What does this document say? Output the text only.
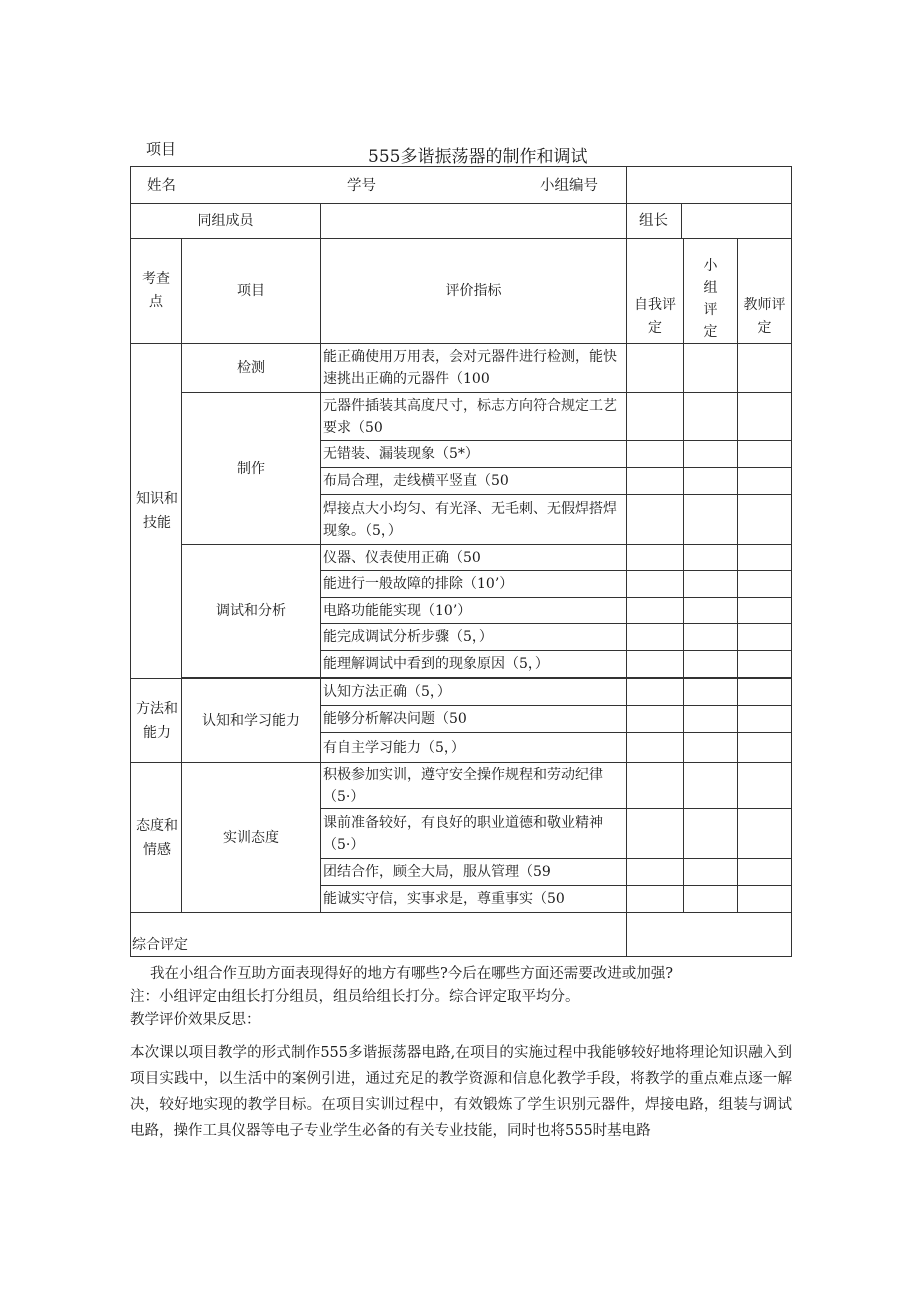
项目	555多谐振荡器的制作和调试
姓名 学号 小组编号					

同组成员			组长		

考查点	项目	评价指标	自我评定	小组评定	教师评定

知识和技能	检测	能正确使用万用表，会对元器件进行检测，能快速挑出正确的元器件（100			
	制作	元器件插装其高度尺寸，标志方向符合规定工艺要求（50			
		无错装、漏装现象（5*）			
		布局合理，走线横平竖直（50			
		焊接点大小均匀、有光泽、无毛刺、无假焊搭焊现象。（5，）			
	调试和分析	仪器、仪表使用正确（50			
		能进行一般故障的排除（10’）			
		电路功能能实现（10’）			
		能完成调试分析步骤（5，）			
		能理解调试中看到的现象原因（5，）			

方法和能力	认知和学习能力	认知方法正确（5，）			
		能够分析解决问题（50			
		有自主学习能力（5，）			

态度和情感	实训态度	积极参加实训，遵守安全操作规程和劳动纪律（5·）			
		课前准备较好，有良好的职业道德和敬业精神（5·）			
		团结合作，顾全大局，服从管理（59			
		能诚实守信，实事求是，尊重事实（50			
综合评定					
我在小组合作互助方面表现得好的地方有哪些?今后在哪些方面还需要改进或加强?
注：小组评定由组长打分组员，组员给组长打分。综合评定取平均分。
教学评价效果反思：
本次课以项目教学的形式制作555多谐振荡器电路,在项目的实施过程中我能够较好地将理论知识融入到项目实践中，以生活中的案例引进，通过充足的教学资源和信息化教学手段，将教学的重点难点逐一解决，较好地实现的教学目标。在项目实训过程中，有效锻炼了学生识别元器件，焊接电路，组装与调试电路，操作工具仪器等电子专业学生必备的有关专业技能，同时也将555时基电路
